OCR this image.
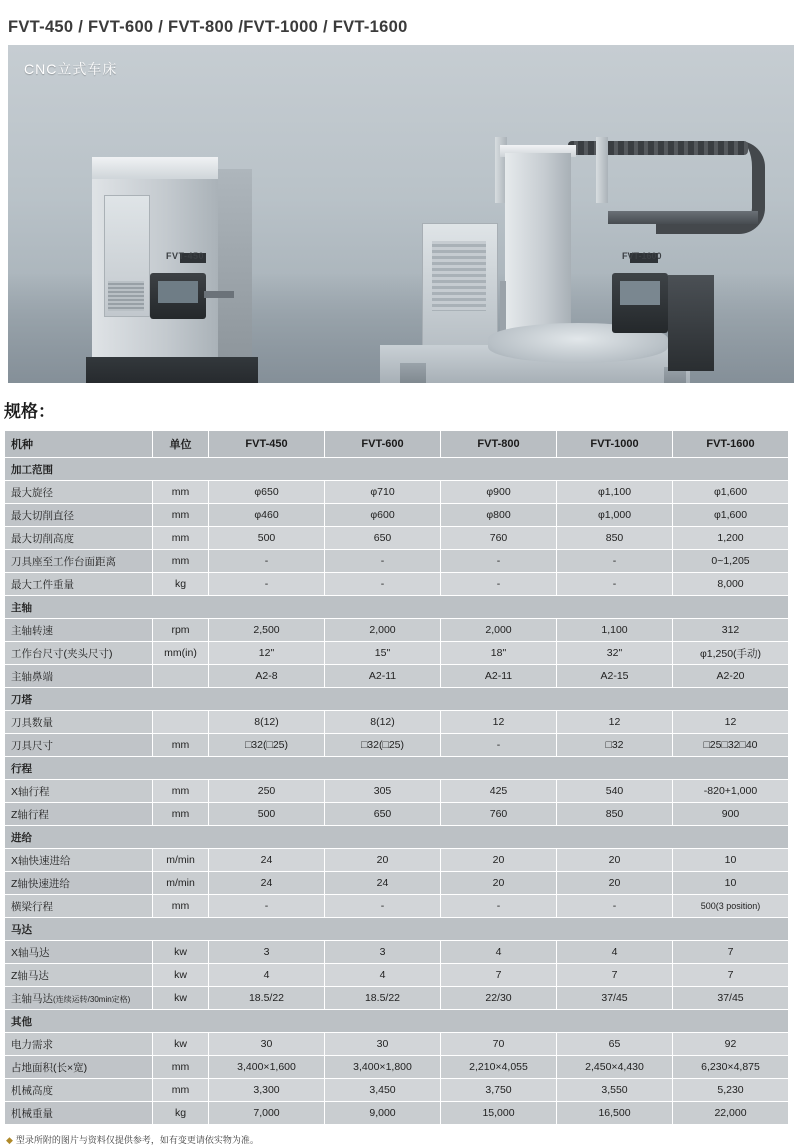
FVT-450 / FVT-600 / FVT-800 /FVT-1000 / FVT-1600
CNC立式车床
FVT-450	FVT-1600
规格：
机种	单位	FVT-450	FVT-600	FVT-800	FVT-1000	FVT-1600
加工范围						
最大旋径	mm	φ650	φ710	φ900	φ1,100	φ1,600
最大切削直径	mm	φ460	φ600	φ800	φ1,000	φ1,600
最大切削高度	mm	500	650	760	850	1,200
刀具座至工作台面距离	mm	-	-	-	-	0~1,205
最大工件重量	kg	-	-	-	-	8,000
主轴						
主轴转速	rpm	2,500	2,000	2,000	1,100	312
工作台尺寸(夹头尺寸)	mm(in)	12"	15"	18"	32"	φ1,250(手动)
主轴鼻端		A2-8	A2-11	A2-11	A2-15	A2-20
刀塔						
刀具数量		8(12)	8(12)	12	12	12
刀具尺寸	mm	□32(□25)	□32(□25)	-	□32	□25□32□40
行程						
X轴行程	mm	250	305	425	540	-820+1,000
Z轴行程	mm	500	650	760	850	900
进给						
X轴快速进给	m/min	24	20	20	20	10
Z轴快速进给	m/min	24	24	20	20	10
横梁行程	mm	-	-	-	-	500(3 position)
马达						
X轴马达	kw	3	3	4	4	7
Z轴马达	kw	4	4	7	7	7
主轴马达(连续运转/30min定格)	kw	18.5/22	18.5/22	22/30	37/45	37/45
其他						
电力需求	kw	30	30	70	65	92
占地面积(长×宽)	mm	3,400×1,600	3,400×1,800	2,210×4,055	2,450×4,430	6,230×4,875
机械高度	mm	3,300	3,450	3,750	3,550	5,230
机械重量	kg	7,000	9,000	15,000	16,500	22,000
◆ 型录所附的图片与资料仅提供参考，如有变更请依实物为准。
